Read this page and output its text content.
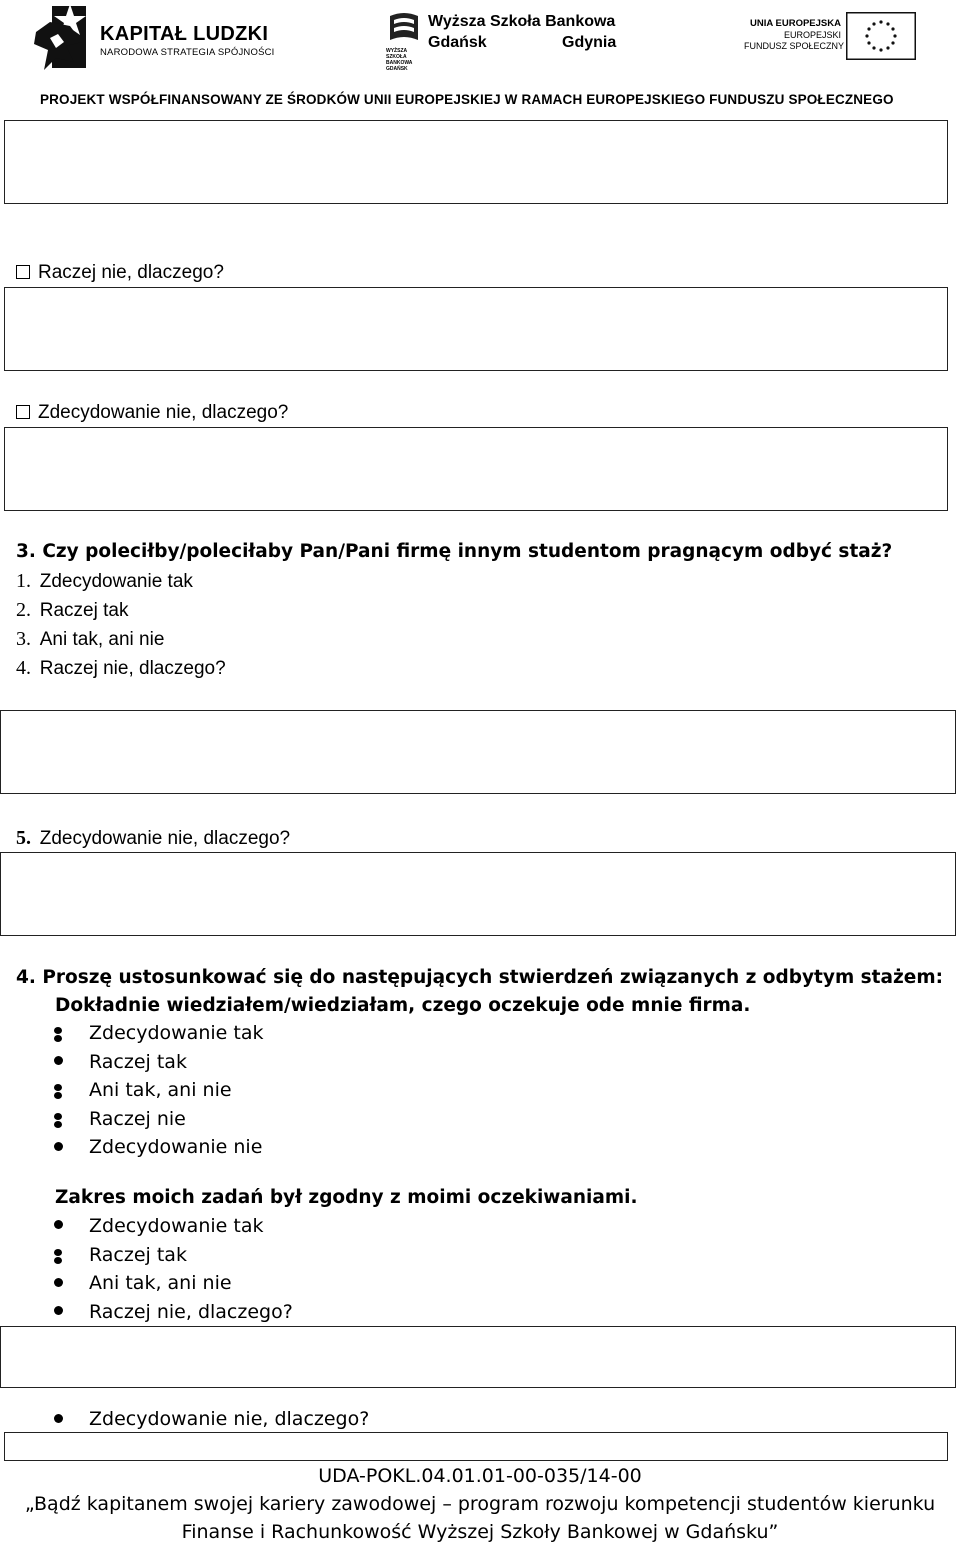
KAPITAŁ LUDZKI
NARODOWA STRATEGIA SPÓJNOŚCI	WYŻSZA SZKOŁA BANKOWA GDAŃSK
Wyższa Szkoła Bankowa
Gdańsk	Gdynia
UNIA EUROPEJSKA
EUROPEJSKI
FUNDUSZ SPOŁECZNY
PROJEKT WSPÓŁFINANSOWANY ZE ŚRODKÓW UNII EUROPEJSKIEJ W RAMACH EUROPEJSKIEGO FUNDUSZU SPOŁECZNEGO
Raczej nie, dlaczego?
Zdecydowanie nie, dlaczego?
3. Czy poleciłby/poleciłaby Pan/Pani firmę innym studentom pragnącym odbyć staż?
1. Zdecydowanie tak
2. Raczej tak
3. Ani tak, ani nie
4. Raczej nie, dlaczego?
5. Zdecydowanie nie, dlaczego?
4. Proszę ustosunkować się do następujących stwierdzeń związanych z odbytym stażem:
Dokładnie wiedziałem/wiedziałam, czego oczekuje ode mnie firma.
Zdecydowanie tak
Raczej tak
Ani tak, ani nie
Raczej nie
Zdecydowanie nie
Zakres moich zadań był zgodny z moimi oczekiwaniami.
Zdecydowanie tak
Raczej tak
Ani tak, ani nie
Raczej nie, dlaczego?
Zdecydowanie nie, dlaczego?
UDA-POKL.04.01.01-00-035/14-00
„Bądź kapitanem swojej kariery zawodowej – program rozwoju kompetencji studentów kierunku
Finanse i Rachunkowość Wyższej Szkoły Bankowej w Gdańsku”
